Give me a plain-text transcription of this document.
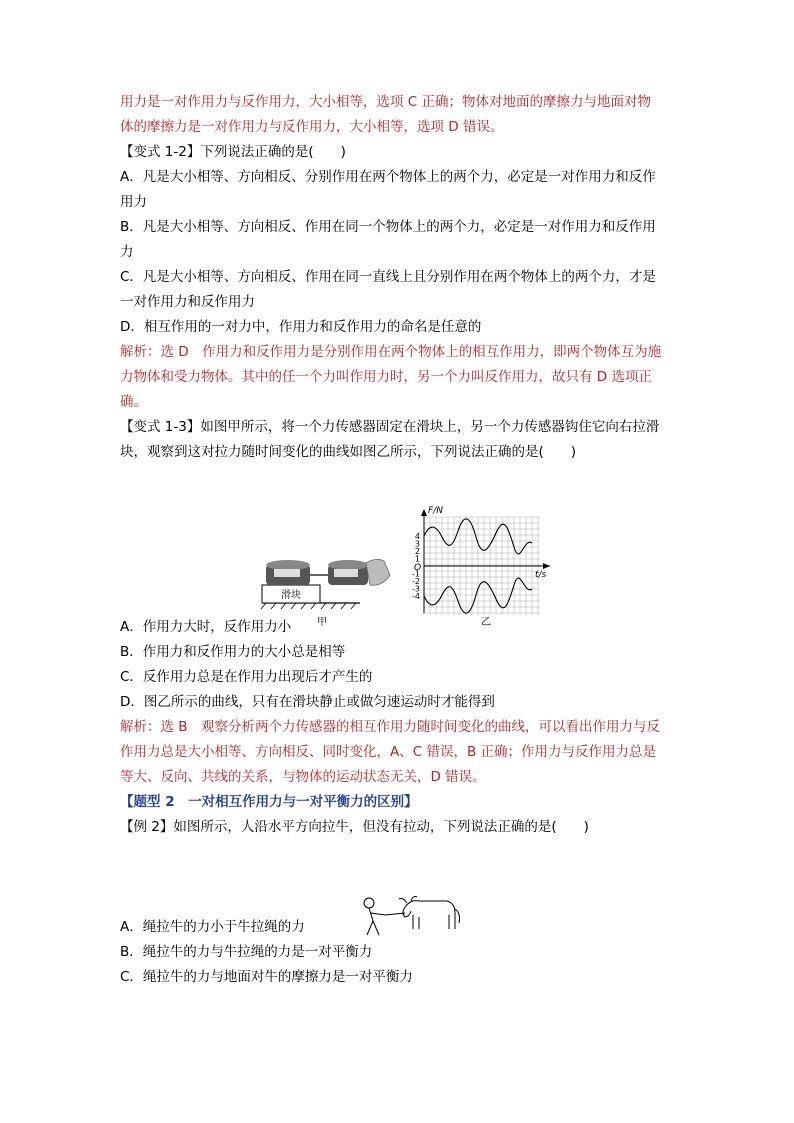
用力是一对作用力与反作用力，大小相等，选项 C 正确；物体对地面的摩擦力与地面对物
体的摩擦力是一对作用力与反作用力，大小相等，选项 D 错误。
【变式 1-2】下列说法正确的是(　　)
A．凡是大小相等、方向相反、分别作用在两个物体上的两个力，必定是一对作用力和反作
用力
B．凡是大小相等、方向相反、作用在同一个物体上的两个力，必定是一对作用力和反作用
力
C．凡是大小相等、方向相反、作用在同一直线上且分别作用在两个物体上的两个力，才是
一对作用力和反作用力
D．相互作用的一对力中，作用力和反作用力的命名是任意的
解析：选 D　作用力和反作用力是分别作用在两个物体上的相互作用力，即两个物体互为施
力物体和受力物体。其中的任一个力叫作用力时，另一个力叫反作用力，故只有 D 选项正
确。
【变式 1-3】如图甲所示，将一个力传感器固定在滑块上，另一个力传感器钩住它向右拉滑
块，观察到这对拉力随时间变化的曲线如图乙所示，下列说法正确的是(　　)
A．作用力大时，反作用力小
B．作用力和反作用力的大小总是相等
C．反作用力总是在作用力出现后才产生的
D．图乙所示的曲线，只有在滑块静止或做匀速运动时才能得到
解析：选 B　观察分析两个力传感器的相互作用力随时间变化的曲线，可以看出作用力与反
作用力总是大小相等、方向相反、同时变化，A、C 错误，B 正确；作用力与反作用力总是
等大、反向、共线的关系，与物体的运动状态无关，D 错误。
【题型 2　一对相互作用力与一对平衡力的区别】
【例 2】如图所示，人沿水平方向拉牛，但没有拉动，下列说法正确的是(　　)
A．绳拉牛的力小于牛拉绳的力
B．绳拉牛的力与牛拉绳的力是一对平衡力
C．绳拉牛的力与地面对牛的摩擦力是一对平衡力
滑块
甲
F/N
t/s
O
4
3
2
1
-1
-2
-3
-4
乙
